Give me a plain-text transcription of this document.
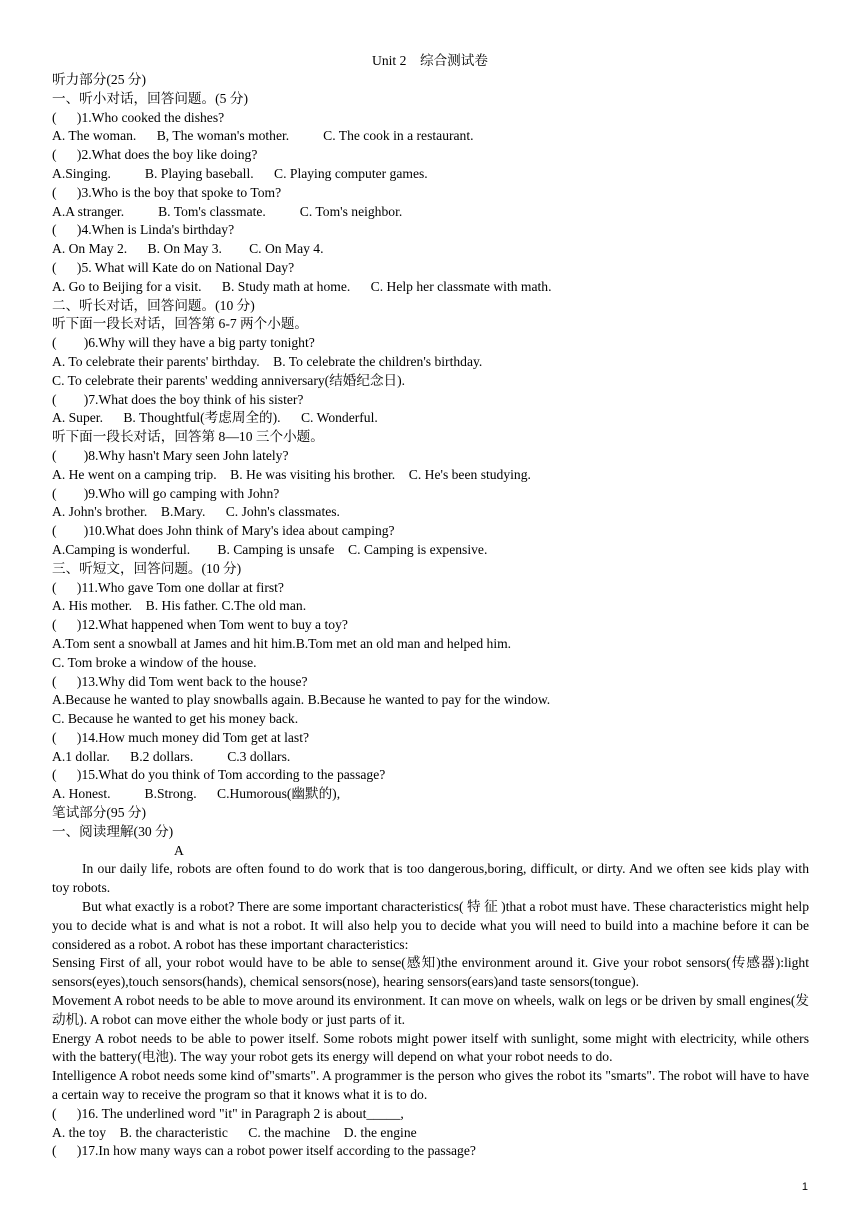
Unit 2　综合测试卷
听力部分(25 分)
一、听小对话，回答问题。(5 分)
(      )1.Who cooked the dishes?
A. The woman.      B, The woman's mother.          C. The cook in a restaurant.
(      )2.What does the boy like doing?
A.Singing.          B. Playing baseball.      C. Playing computer games.
(      )3.Who is the boy that spoke to Tom?
A.A stranger.          B. Tom's classmate.          C. Tom's neighbor.
(      )4.When is Linda's birthday?
A. On May 2.      B. On May 3.        C. On May 4.
(      )5. What will Kate do on National Day?
A. Go to Beijing for a visit.      B. Study math at home.      C. Help her classmate with math.
二、听长对话，回答问题。(10 分)
听下面一段长对话，回答第 6-7 两个小题。
(        )6.Why will they have a big party tonight?
A. To celebrate their parents' birthday.    B. To celebrate the children's birthday.
C. To celebrate their parents' wedding anniversary(结婚纪念日).
(        )7.What does the boy think of his sister?
A. Super.      B. Thoughtful(考虑周全的).      C. Wonderful.
听下面一段长对话，回答第 8—10 三个小题。
(        )8.Why hasn't Mary seen John lately?
A. He went on a camping trip.    B. He was visiting his brother.    C. He's been studying.
(        )9.Who will go camping with John?
A. John's brother.    B.Mary.      C. John's classmates.
(        )10.What does John think of Mary's idea about camping?
A.Camping is wonderful.        B. Camping is unsafe    C. Camping is expensive.
三、听短文，回答问题。(10 分)
(      )11.Who gave Tom one dollar at first?
A. His mother.    B. His father. C.The old man.
(      )12.What happened when Tom went to buy a toy?
A.Tom sent a snowball at James and hit him.B.Tom met an old man and helped him.
C. Tom broke a window of the house.
(      )13.Why did Tom went back to the house?
A.Because he wanted to play snowballs again. B.Because he wanted to pay for the window.
C. Because he wanted to get his money back.
(      )14.How much money did Tom get at last?
A.1 dollar.      B.2 dollars.          C.3 dollars.
(      )15.What do you think of Tom according to the passage?
A. Honest.          B.Strong.      C.Humorous(幽默的),
笔试部分(95 分)
一、阅读理解(30 分)
A
In our daily life, robots are often found to do work that is too dangerous,boring, difficult, or dirty. And we often see kids play with toy robots.
But what exactly is a robot? There are some important characteristics( 特 征 )that a robot must have. These characteristics might help you to decide what is and what is not a robot. It will also help you to decide what you will need to build into a machine before it can be considered as a robot. A robot has these important characteristics:
Sensing First of all, your robot would have to be able to sense(感知)the environment around it. Give your robot sensors(传感器):light sensors(eyes),touch sensors(hands), chemical sensors(nose), hearing sensors(ears)and taste sensors(tongue).
Movement A robot needs to be able to move around its environment. It can move on wheels, walk on legs or be driven by small engines(发动机). A robot can move either the whole body or just parts of it.
Energy A robot needs to be able to power itself. Some robots might power itself with sunlight, some might with electricity, while others with the battery(电池). The way your robot gets its energy will depend on what your robot needs to do.
Intelligence A robot needs some kind of"smarts". A programmer is the person who gives the robot its "smarts". The robot will have to have a certain way to receive the program so that it knows what it is to do.
(      )16. The underlined word "it" in Paragraph 2 is about_____,
A. the toy    B. the characteristic      C. the machine    D. the engine
(      )17.In how many ways can a robot power itself according to the passage?
1
